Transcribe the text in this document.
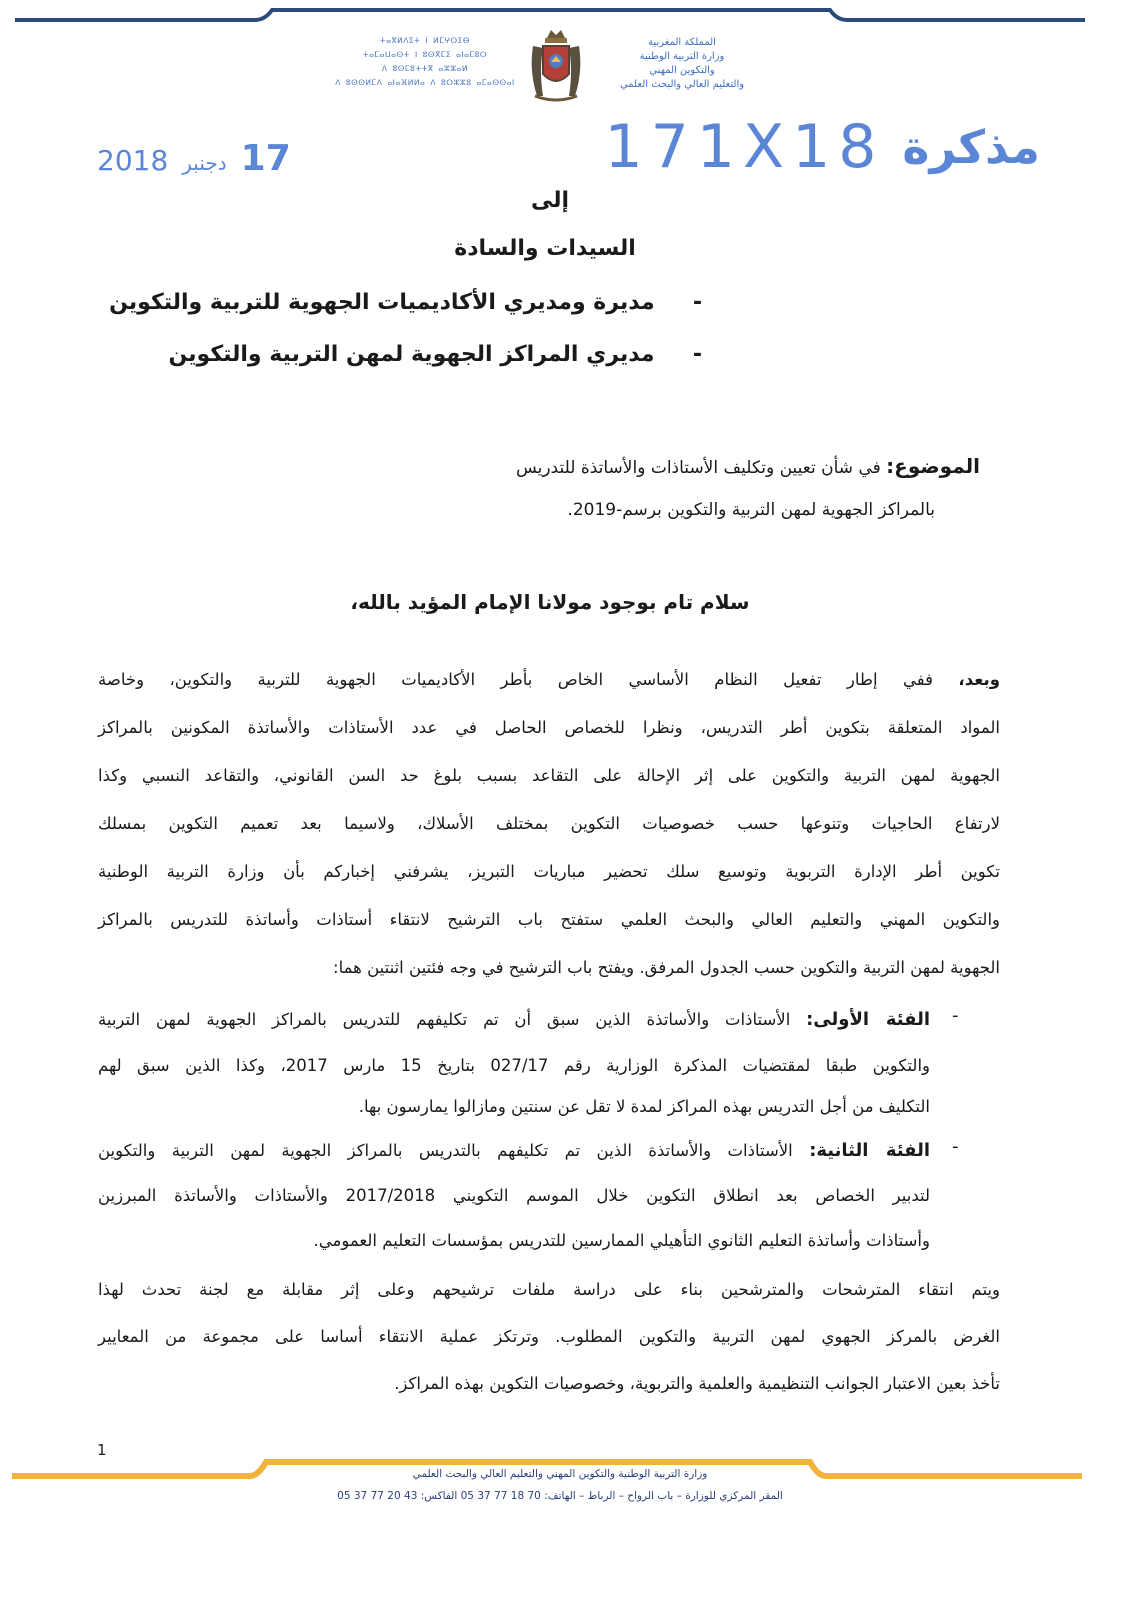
ⵜⴰⴳⵍⴷⵉⵜ ⵏ ⵍⵎⵖⵔⵉⴱ
ⵜⴰⵎⴰⵡⴰⵙⵜ ⵏ ⵓⵙⴳⵎⵉ ⴰⵏⴰⵎⵓⵔ
ⴷ ⵓⵙⵎⵓⵜⵜⴳ ⴰⵣⵣⴰⵍ
ⴷ ⵓⵙⵙⵍⵎⴷ ⴰⵏⴰⴼⵍⵍⴰ ⴷ ⵓⵔⵣⵣⵓ ⴰⵎⴰⵙⵙⴰⵏ
المملكة المغربية
وزارة التربية الوطنية
والتكوين المهني
والتعليم العالي والبحث العلمي
2018 دجنبر 17	171X18 مذكرة
إلى
السيدات والسادة
-     مديرة ومديري الأكاديميات الجهوية للتربية والتكوين
-     مديري المراكز الجهوية لمهن التربية والتكوين
الموضوع: في شأن تعيين وتكليف الأستاذات والأساتذة للتدريس
بالمراكز الجهوية لمهن التربية والتكوين برسم-2019.
سلام تام بوجود مولانا الإمام المؤيد بالله،
وبعد، ففي إطار تفعيل النظام الأساسي الخاص بأطر الأكاديميات الجهوية للتربية والتكوين، وخاصة
المواد المتعلقة بتكوين أطر التدريس، ونظرا للخصاص الحاصل في عدد الأستاذات والأساتذة المكونين بالمراكز
الجهوية لمهن التربية والتكوين على إثر الإحالة على التقاعد بسبب بلوغ حد السن القانوني، والتقاعد النسبي وكذا
لارتفاع الحاجيات وتنوعها حسب خصوصيات التكوين بمختلف الأسلاك، ولاسيما بعد تعميم التكوين بمسلك
تكوين أطر الإدارة التربوية وتوسيع سلك تحضير مباريات التبريز، يشرفني إخباركم بأن وزارة التربية الوطنية
والتكوين المهني والتعليم العالي والبحث العلمي ستفتح باب الترشيح لانتقاء أستاذات وأساتذة للتدريس بالمراكز
الجهوية لمهن التربية والتكوين حسب الجدول المرفق. ويفتح باب الترشيح في وجه فئتين اثنتين هما:
-
الفئة الأولى: الأستاذات والأساتذة الذين سبق أن تم تكليفهم للتدريس بالمراكز الجهوية لمهن التربية
والتكوين طبقا لمقتضيات المذكرة الوزارية رقم 027/17 بتاريخ 15 مارس 2017، وكذا الذين سبق لهم
التكليف من أجل التدريس بهذه المراكز لمدة لا تقل عن سنتين ومازالوا يمارسون بها.
-
الفئة الثانية: الأستاذات والأساتذة الذين تم تكليفهم بالتدريس بالمراكز الجهوية لمهن التربية والتكوين
لتدبير الخصاص بعد انطلاق التكوين خلال الموسم التكويني 2017/2018 والأستاذات والأساتذة المبرزين
وأستاذات وأساتذة التعليم الثانوي التأهيلي الممارسين للتدريس بمؤسسات التعليم العمومي.
ويتم انتقاء المترشحات والمترشحين بناء على دراسة ملفات ترشيحهم وعلى إثر مقابلة مع لجنة تحدث لهذا
الغرض بالمركز الجهوي لمهن التربية والتكوين المطلوب. وترتكز عملية الانتقاء أساسا على مجموعة من المعايير
تأخذ بعين الاعتبار الجوانب التنظيمية والعلمية والتربوية، وخصوصيات التكوين بهذه المراكز.
1
وزارة التربية الوطنية والتكوين المهني والتعليم العالي والبحث العلمي
المقر المركزي للوزارة – باب الرواح – الرباط – الهاتف: 70 18 77 37 05 الفاكس: 43 20 77 37 05
